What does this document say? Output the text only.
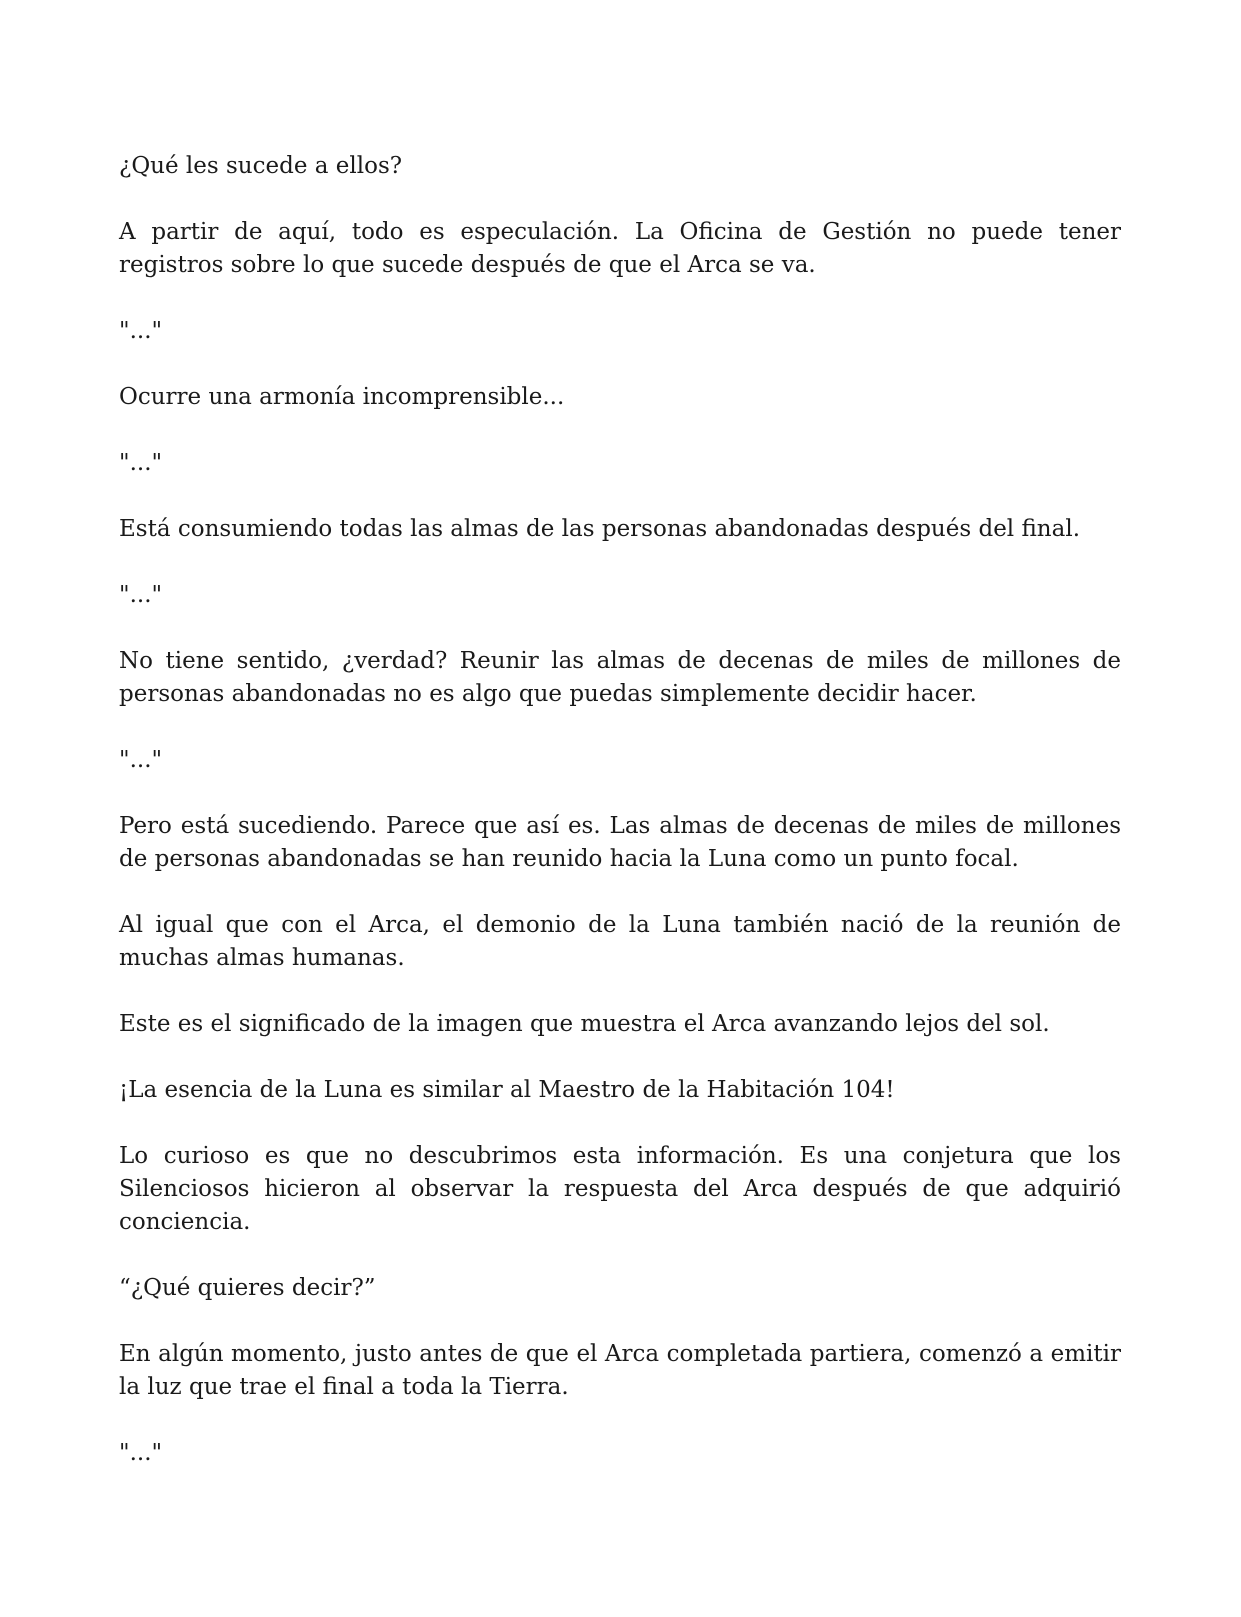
¿Qué les sucede a ellos?

A partir de aquí, todo es especulación. La Oficina de Gestión no puede tener registros sobre lo que sucede después de que el Arca se va.

"..."

Ocurre una armonía incomprensible...

"..."

Está consumiendo todas las almas de las personas abandonadas después del final.

"..."

No tiene sentido, ¿verdad? Reunir las almas de decenas de miles de millones de personas abandonadas no es algo que puedas simplemente decidir hacer.

"..."

Pero está sucediendo. Parece que así es. Las almas de decenas de miles de millones de personas abandonadas se han reunido hacia la Luna como un punto focal.

Al igual que con el Arca, el demonio de la Luna también nació de la reunión de muchas almas humanas.

Este es el significado de la imagen que muestra el Arca avanzando lejos del sol.

¡La esencia de la Luna es similar al Maestro de la Habitación 104!

Lo curioso es que no descubrimos esta información. Es una conjetura que los Silenciosos hicieron al observar la respuesta del Arca después de que adquirió conciencia.

“¿Qué quieres decir?”

En algún momento, justo antes de que el Arca completada partiera, comenzó a emitir la luz que trae el final a toda la Tierra.

"..."
